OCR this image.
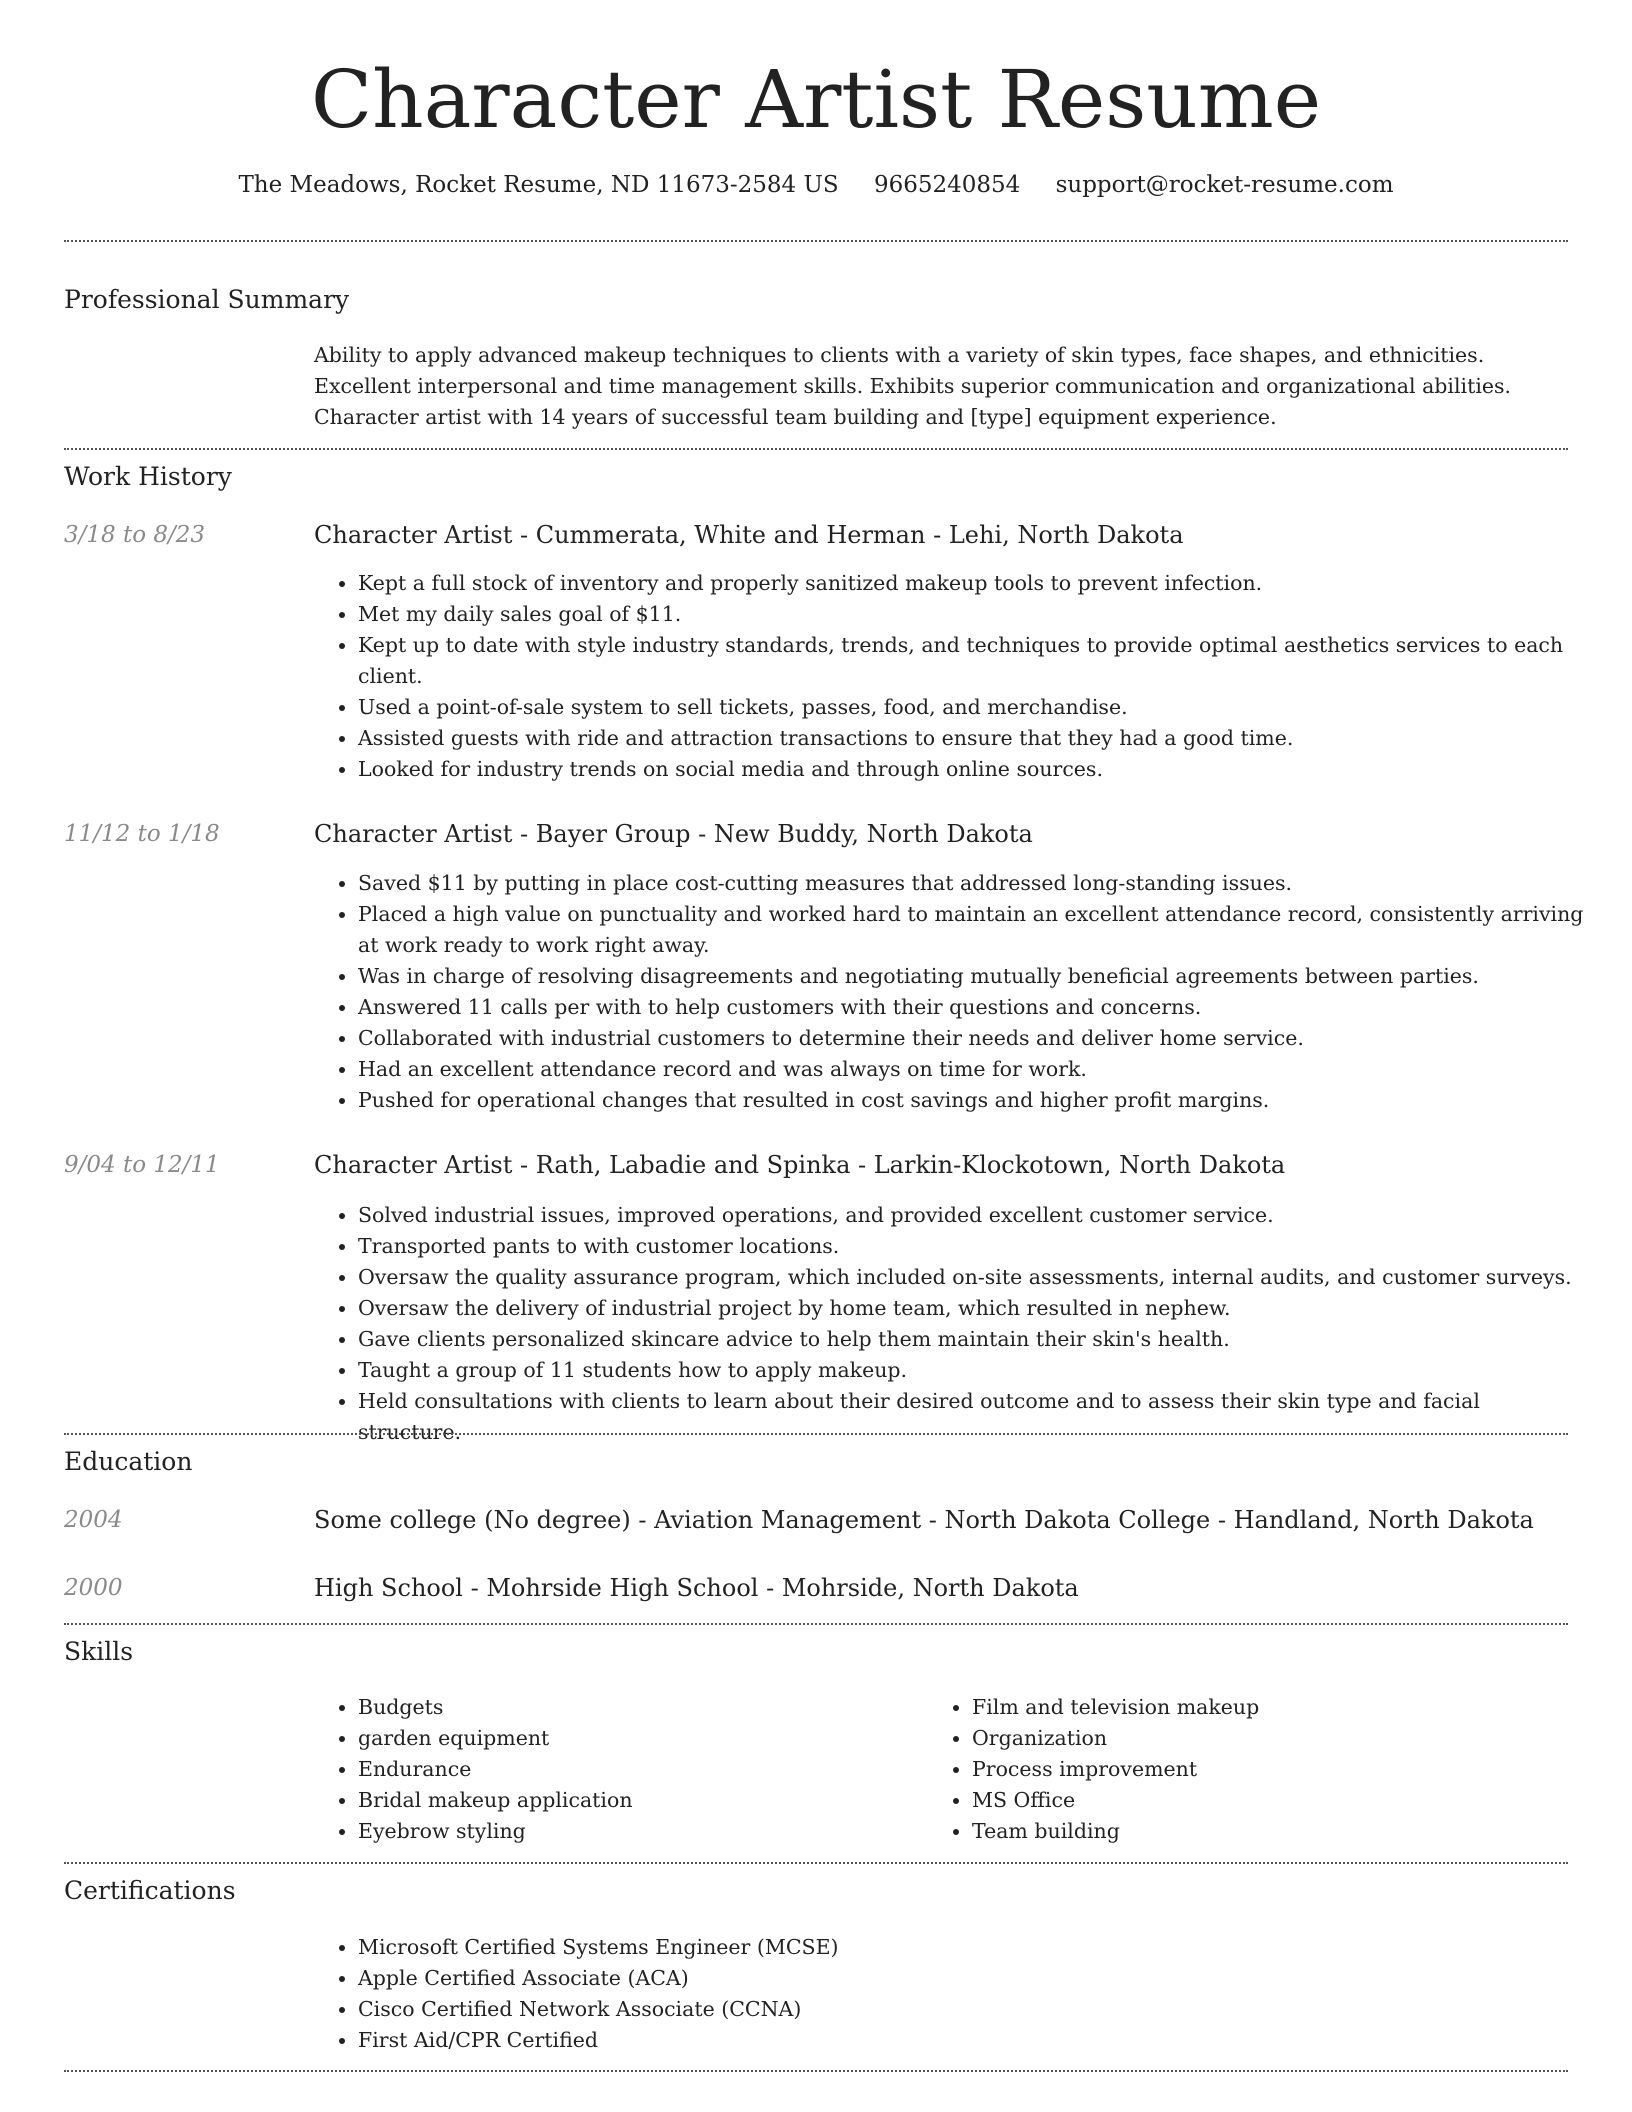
Character Artist Resume
The Meadows, Rocket Resume, ND 11673-2584 US 9665240854 support@rocket-resume.com
Professional Summary
Ability to apply advanced makeup techniques to clients with a variety of skin types, face shapes, and ethnicities. Excellent interpersonal and time management skills. Exhibits superior communication and organizational abilities. Character artist with 14 years of successful team building and [type] equipment experience.
Work History
3/18 to 8/23	Character Artist - Cummerata, White and Herman - Lehi, North Dakota
• Kept a full stock of inventory and properly sanitized makeup tools to prevent infection.
• Met my daily sales goal of $11.
• Kept up to date with style industry standards, trends, and techniques to provide optimal aesthetics services to each client.
• Used a point-of-sale system to sell tickets, passes, food, and merchandise.
• Assisted guests with ride and attraction transactions to ensure that they had a good time.
• Looked for industry trends on social media and through online sources.
11/12 to 1/18	Character Artist - Bayer Group - New Buddy, North Dakota
• Saved $11 by putting in place cost-cutting measures that addressed long-standing issues.
• Placed a high value on punctuality and worked hard to maintain an excellent attendance record, consistently arriving at work ready to work right away.
• Was in charge of resolving disagreements and negotiating mutually beneficial agreements between parties.
• Answered 11 calls per with to help customers with their questions and concerns.
• Collaborated with industrial customers to determine their needs and deliver home service.
• Had an excellent attendance record and was always on time for work.
• Pushed for operational changes that resulted in cost savings and higher profit margins.
9/04 to 12/11	Character Artist - Rath, Labadie and Spinka - Larkin-Klockotown, North Dakota
• Solved industrial issues, improved operations, and provided excellent customer service.
• Transported pants to with customer locations.
• Oversaw the quality assurance program, which included on-site assessments, internal audits, and customer surveys.
• Oversaw the delivery of industrial project by home team, which resulted in nephew.
• Gave clients personalized skincare advice to help them maintain their skin's health.
• Taught a group of 11 students how to apply makeup.
• Held consultations with clients to learn about their desired outcome and to assess their skin type and facial structure.
Education
2004	Some college (No degree) - Aviation Management - North Dakota College - Handland, North Dakota
2000	High School - Mohrside High School - Mohrside, North Dakota
Skills
• Budgets
• garden equipment
• Endurance
• Bridal makeup application
• Eyebrow styling
• Film and television makeup
• Organization
• Process improvement
• MS Office
• Team building
Certifications
• Microsoft Certified Systems Engineer (MCSE)
• Apple Certified Associate (ACA)
• Cisco Certified Network Associate (CCNA)
• First Aid/CPR Certified
